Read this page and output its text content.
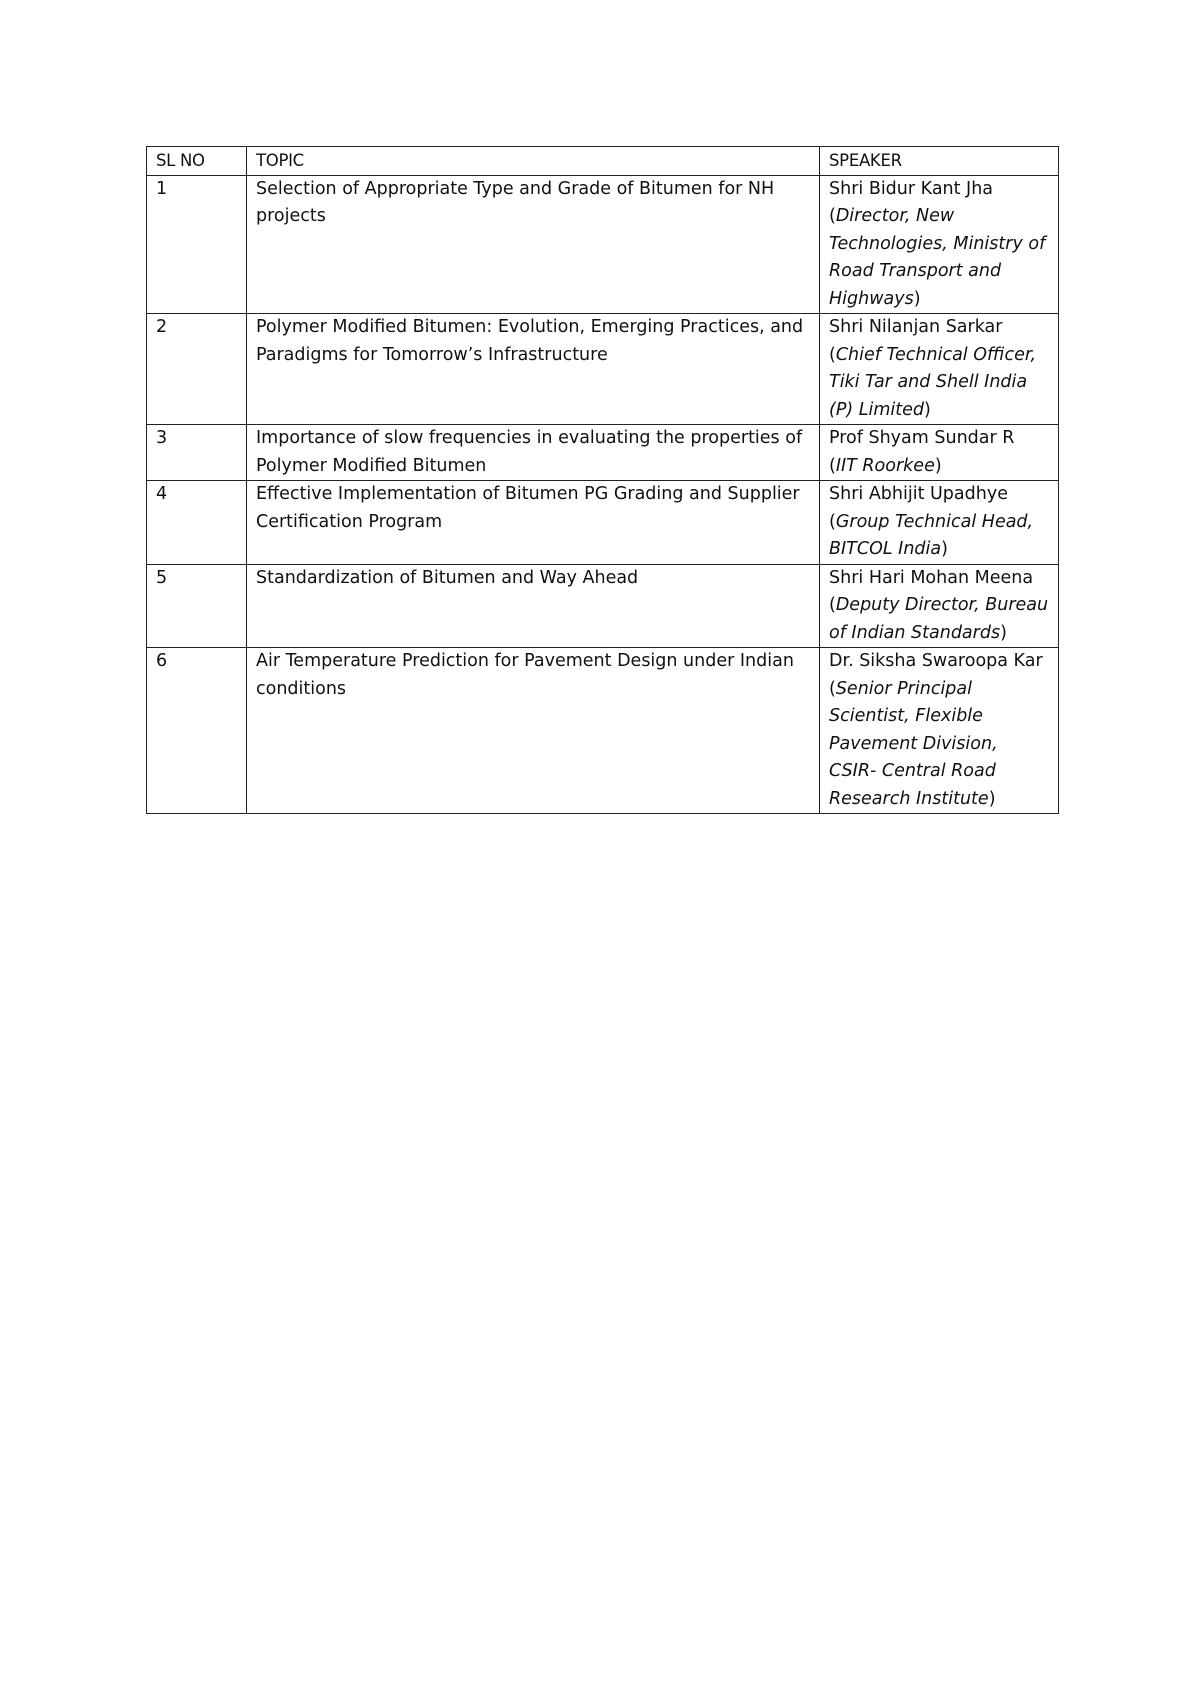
SL NO	TOPIC	SPEAKER
1	Selection of Appropriate Type and Grade of Bitumen for NH projects	Shri Bidur Kant Jha
(Director, New Technologies, Ministry of Road Transport and Highways)
2	Polymer Modified Bitumen: Evolution, Emerging Practices, and Paradigms for Tomorrow’s Infrastructure	Shri Nilanjan Sarkar
(Chief Technical Officer, Tiki Tar and Shell India (P) Limited)
3	Importance of slow frequencies in evaluating the properties of Polymer Modified Bitumen	Prof Shyam Sundar R
(IIT Roorkee)
4	Effective Implementation of Bitumen PG Grading and Supplier Certification Program	Shri Abhijit Upadhye
(Group Technical Head, BITCOL India)
5	Standardization of Bitumen and Way Ahead	Shri Hari Mohan Meena
(Deputy Director, Bureau of Indian Standards)
6	Air Temperature Prediction for Pavement Design under Indian conditions	Dr. Siksha Swaroopa Kar
(Senior Principal Scientist, Flexible Pavement Division, CSIR- Central Road Research Institute)
